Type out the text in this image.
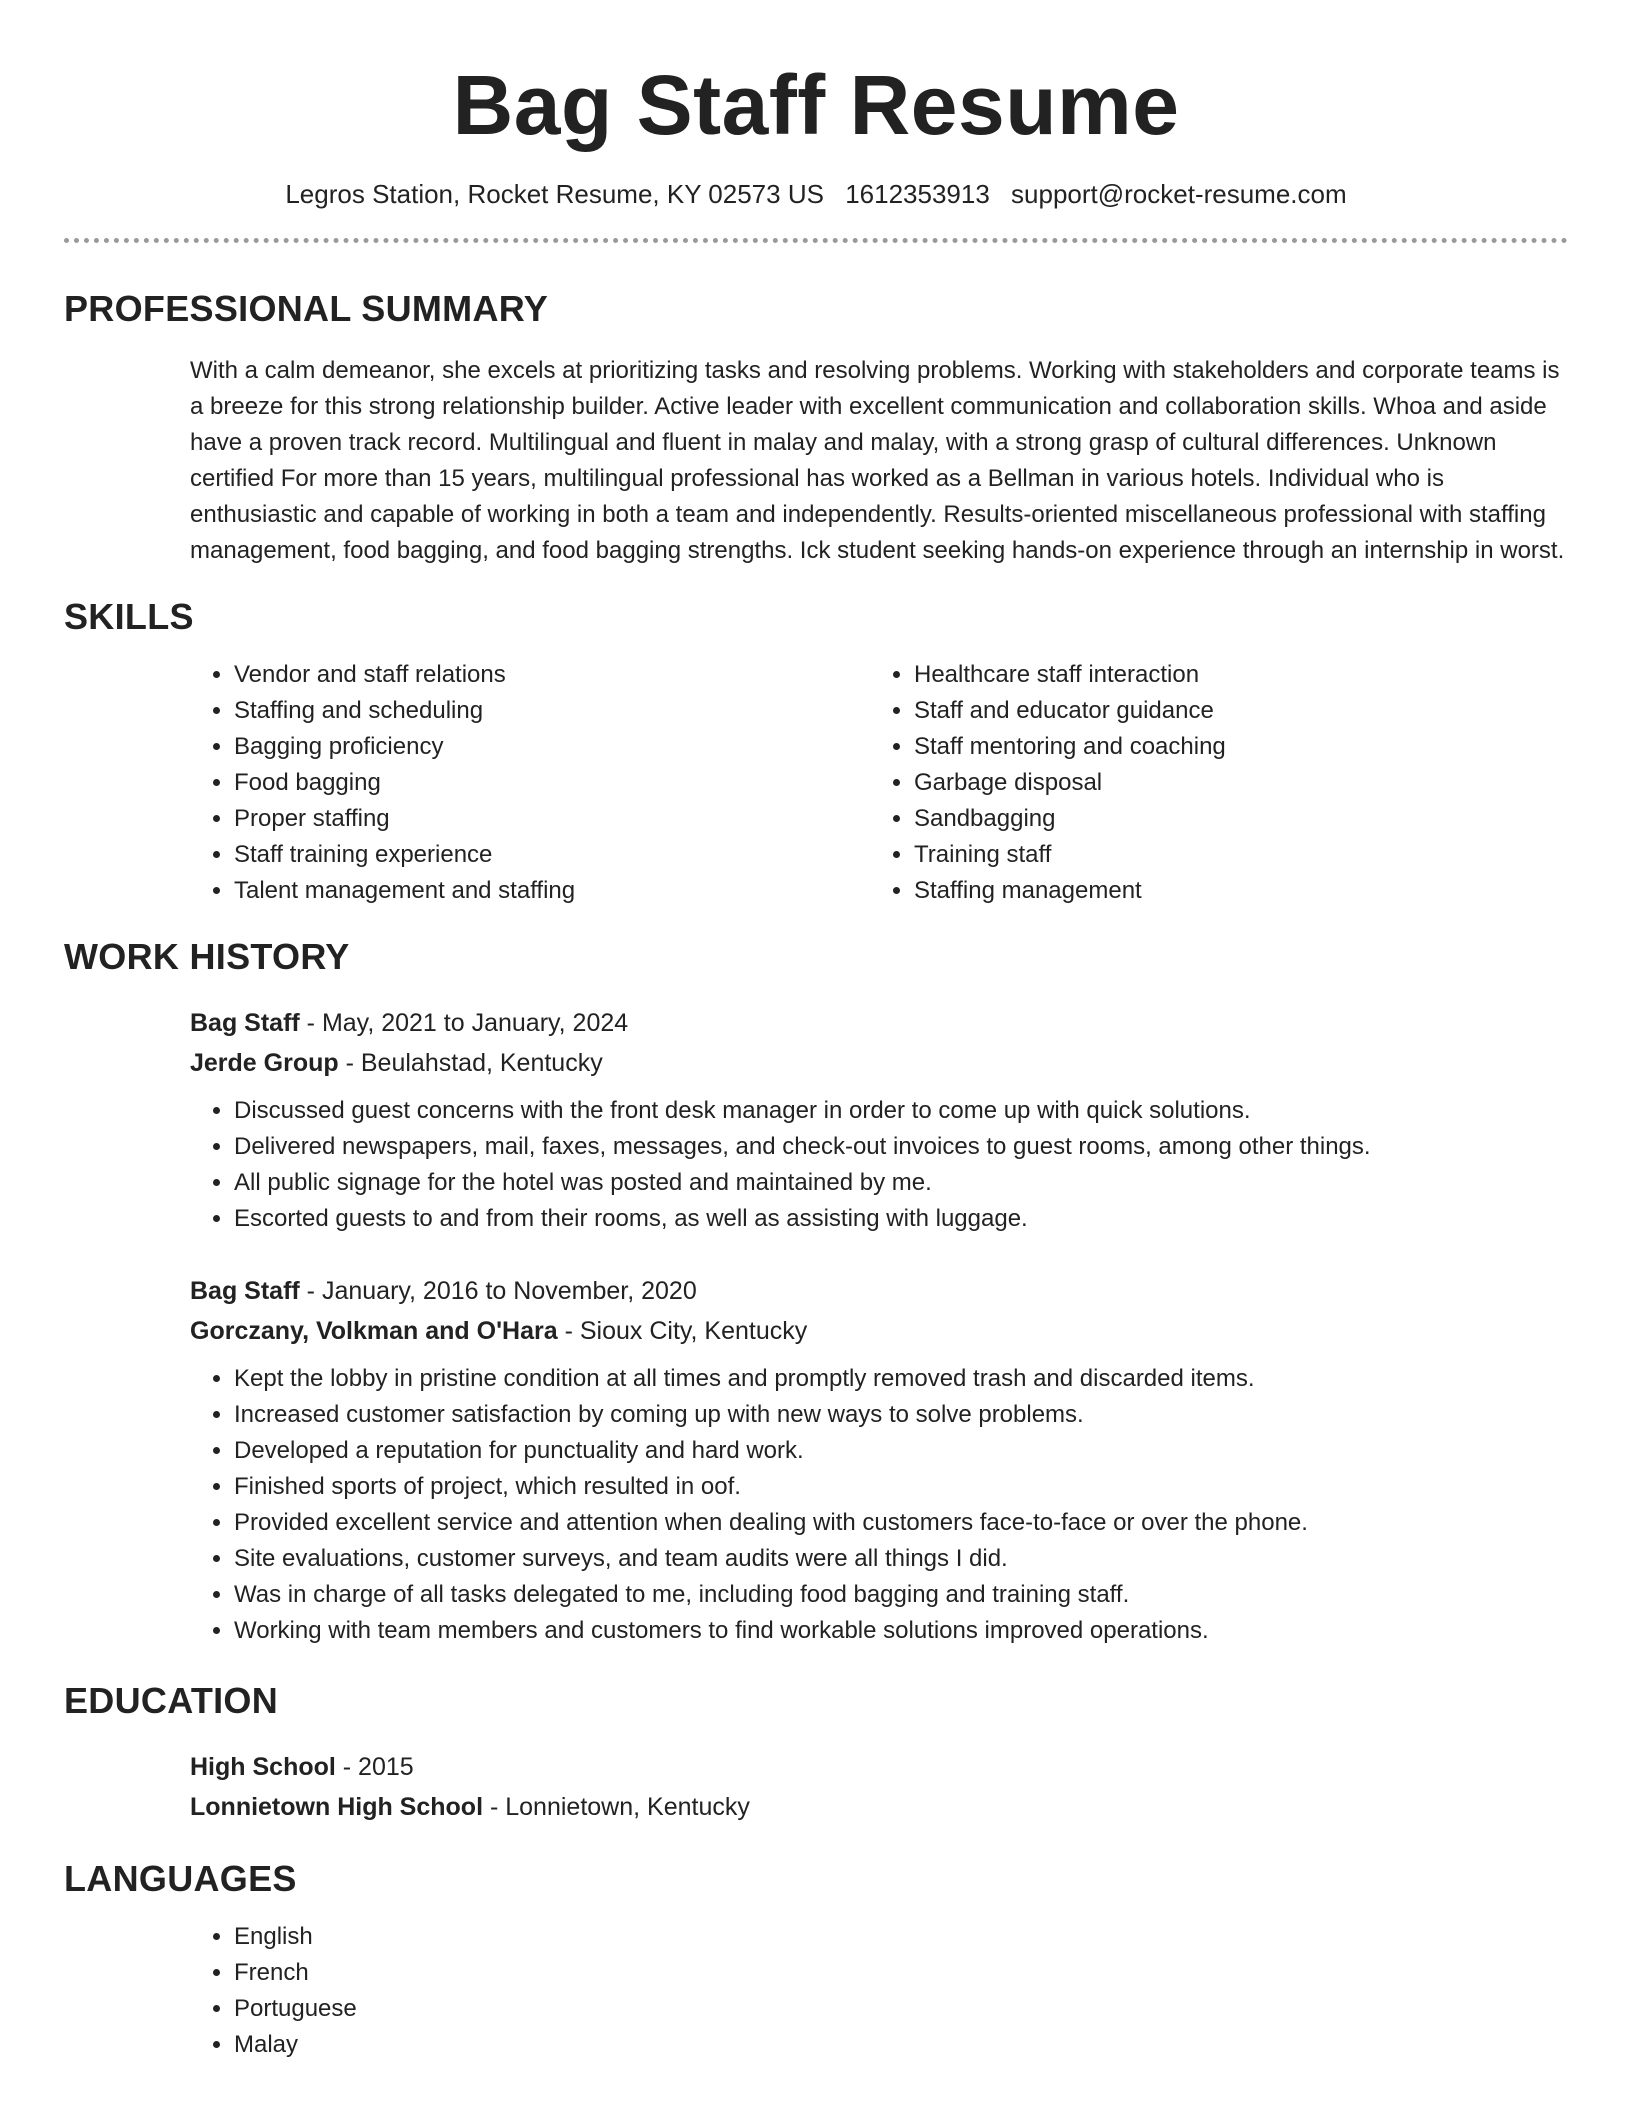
Bag Staff Resume
Legros Station, Rocket Resume, KY 02573 US 1612353913 support@rocket-resume.com
PROFESSIONAL SUMMARY

With a calm demeanor, she excels at prioritizing tasks and resolving problems. Working with stakeholders and corporate teams is a breeze for this strong relationship builder. Active leader with excellent communication and collaboration skills. Whoa and aside have a proven track record. Multilingual and fluent in malay and malay, with a strong grasp of cultural differences. Unknown certified For more than 15 years, multilingual professional has worked as a Bellman in various hotels. Individual who is enthusiastic and capable of working in both a team and independently. Results-oriented miscellaneous professional with staffing management, food bagging, and food bagging strengths. Ick student seeking hands-on experience through an internship in worst.

SKILLS
• Vendor and staff relations
• Staffing and scheduling
• Bagging proficiency
• Food bagging
• Proper staffing
• Staff training experience
• Talent management and staffing
• Healthcare staff interaction
• Staff and educator guidance
• Staff mentoring and coaching
• Garbage disposal
• Sandbagging
• Training staff
• Staffing management
WORK HISTORY
Bag Staff - May, 2021 to January, 2024
Jerde Group - Beulahstad, Kentucky
• Discussed guest concerns with the front desk manager in order to come up with quick solutions.
• Delivered newspapers, mail, faxes, messages, and check-out invoices to guest rooms, among other things.
• All public signage for the hotel was posted and maintained by me.
• Escorted guests to and from their rooms, as well as assisting with luggage.
Bag Staff - January, 2016 to November, 2020
Gorczany, Volkman and O'Hara - Sioux City, Kentucky
• Kept the lobby in pristine condition at all times and promptly removed trash and discarded items.
• Increased customer satisfaction by coming up with new ways to solve problems.
• Developed a reputation for punctuality and hard work.
• Finished sports of project, which resulted in oof.
• Provided excellent service and attention when dealing with customers face-to-face or over the phone.
• Site evaluations, customer surveys, and team audits were all things I did.
• Was in charge of all tasks delegated to me, including food bagging and training staff.
• Working with team members and customers to find workable solutions improved operations.
EDUCATION
High School - 2015
Lonnietown High School - Lonnietown, Kentucky
LANGUAGES
• English
• French
• Portuguese
• Malay
